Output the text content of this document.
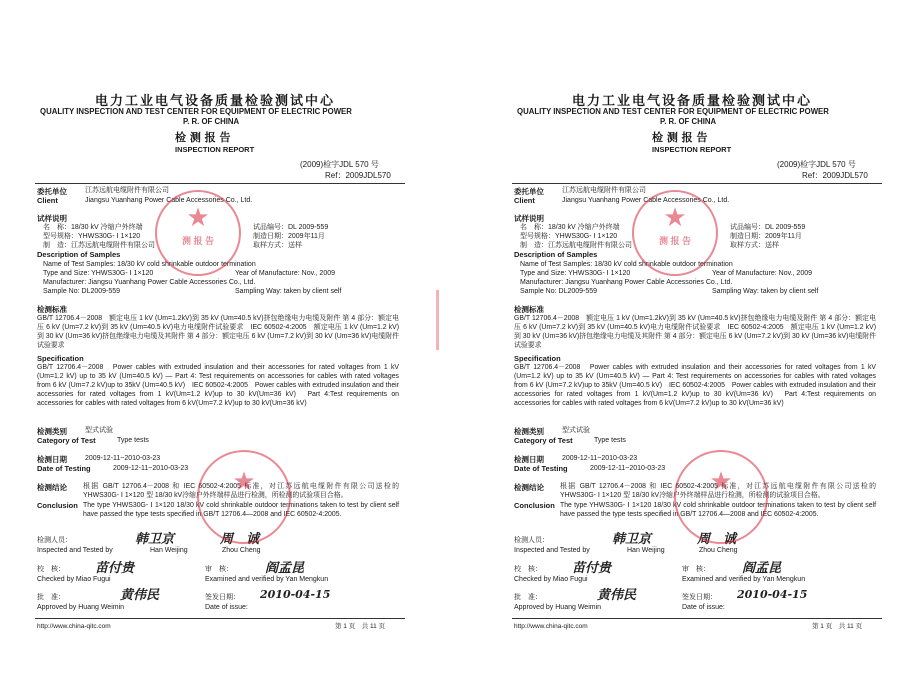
电力工业电气设备质量检验测试中心
QUALITY INSPECTION AND TEST CENTER FOR EQUIPMENT OF ELECTRIC POWER
P. R. OF CHINA
检 测 报 告
INSPECTION REPORT
(2009)检字JDL 570 号
Ref：2009JDL570
委托单位	江苏远航电缆附件有限公司
Client	Jiangsu Yuanhang Power Cable Accessories Co., Ltd.
试样说明
名　称：18/30 kV 冷缩户外终端	试品编号：DL 2009-559
型号规格：YHWS30G- Ⅰ 1×120	制造日期：2009年11月
制　造：江苏远航电缆附件有限公司	取样方式：送样
Description of Samples
Name of Test Samples: 18/30 kV cold shrinkable outdoor termination
Type and Size: YHWS30G- Ⅰ 1×120	Year of Manufacture: Nov., 2009
Manufacturer: Jiangsu Yuanhang Power Cable Accessories Co., Ltd.
Sample No: DL2009-559	Sampling Way: taken by client self
检测标准
GB/T 12706.4－2008　额定电压 1 kV (Um=1.2kV)到 35 kV (Um=40.5 kV)挤包绝缘电力电缆及附件 第 4 部分：额定电压 6 kV (Um=7.2 kV)到 35 kV (Um=40.5 kV)电力电缆附件试验要求　IEC 60502-4:2005　额定电压 1 kV (Um=1.2 kV)到 30 kV (Um=36 kV)挤包绝缘电力电缆及其附件 第 4 部分：额定电压 6 kV (Um=7.2 kV)到 30 kV (Um=36 kV)电缆附件试验要求
Specification
GB/T 12706.4－2008　Power cables with extruded insulation and their accessories for rated voltages from 1 kV (Um=1.2 kV) up to 35 kV (Um=40.5 kV) — Part 4: Test requirements on accessories for cables with rated voltages from 6 kV (Um=7.2 kV)up to 35kV (Um=40.5 kV)　IEC 60502-4:2005　Power cables with extruded insulation and their accessories for rated voltages from 1 kV(Um=1.2 kV)up to 30 kV(Um=36 kV)　Part 4:Test requirements on accessories for cables with rated voltages from 6 kV(Um=7.2 kV)up to 30 kV(Um=36 kV)
检测类别	型式试验
Category of Test	Type tests
检测日期	2009-12-11~2010-03-23
Date of Testing	2009-12-11~2010-03-23
检测结论 根据 GB/T 12706.4－2008 和 IEC 60502-4:2005 标准，对江苏远航电缆附件有限公司送检的 YHWS30G- Ⅰ 1×120 型 18/30 kV冷缩户外终端样品进行检测，所检测的试验项目合格。
Conclusion The type YHWS30G- Ⅰ 1×120 18/30 kV cold shrinkable outdoor terminations taken to test by client self have passed the type tests specified in GB/T 12706.4—2008 and IEC 60502-4:2005.
检测人员：	韩卫京	周　诚
Inspected and Tested by	Han Weijing	Zhou Cheng
校　核： 苗付贵	审　核： 阎孟昆
Checked by Miao Fugui	Examined and verified by Yan Mengkun
批　准：	黄伟民	签发日期： 2010-04-15
Approved by Huang Weimin	Date of issue:
http://www.china-qitc.com	第 1 页　共 11 页
★
测 报 告
★
电力工业电气设备质量检验测试中心
QUALITY INSPECTION AND TEST CENTER FOR EQUIPMENT OF ELECTRIC POWER
P. R. OF CHINA
检 测 报 告
INSPECTION REPORT
(2009)检字JDL 570 号
Ref：2009JDL570
委托单位	江苏远航电缆附件有限公司
Client	Jiangsu Yuanhang Power Cable Accessories Co., Ltd.
试样说明
名　称：18/30 kV 冷缩户外终端	试品编号：DL 2009-559
型号规格：YHWS30G- Ⅰ 1×120	制造日期：2009年11月
制　造：江苏远航电缆附件有限公司	取样方式：送样
Description of Samples
Name of Test Samples: 18/30 kV cold shrinkable outdoor termination
Type and Size: YHWS30G- Ⅰ 1×120	Year of Manufacture: Nov., 2009
Manufacturer: Jiangsu Yuanhang Power Cable Accessories Co., Ltd.
Sample No: DL2009-559	Sampling Way: taken by client self
检测标准
GB/T 12706.4－2008　额定电压 1 kV (Um=1.2kV)到 35 kV (Um=40.5 kV)挤包绝缘电力电缆及附件 第 4 部分：额定电压 6 kV (Um=7.2 kV)到 35 kV (Um=40.5 kV)电力电缆附件试验要求　IEC 60502-4:2005　额定电压 1 kV (Um=1.2 kV)到 30 kV (Um=36 kV)挤包绝缘电力电缆及其附件 第 4 部分：额定电压 6 kV (Um=7.2 kV)到 30 kV (Um=36 kV)电缆附件试验要求
Specification
GB/T 12706.4－2008　Power cables with extruded insulation and their accessories for rated voltages from 1 kV (Um=1.2 kV) up to 35 kV (Um=40.5 kV) — Part 4: Test requirements on accessories for cables with rated voltages from 6 kV (Um=7.2 kV)up to 35kV (Um=40.5 kV)　IEC 60502-4:2005　Power cables with extruded insulation and their accessories for rated voltages from 1 kV(Um=1.2 kV)up to 30 kV(Um=36 kV)　Part 4:Test requirements on accessories for cables with rated voltages from 6 kV(Um=7.2 kV)up to 30 kV(Um=36 kV)
检测类别	型式试验
Category of Test	Type tests
检测日期	2009-12-11~2010-03-23
Date of Testing	2009-12-11~2010-03-23
检测结论 根据 GB/T 12706.4－2008 和 IEC 60502-4:2005 标准，对江苏远航电缆附件有限公司送检的 YHWS30G- Ⅰ 1×120 型 18/30 kV冷缩户外终端样品进行检测，所检测的试验项目合格。
Conclusion The type YHWS30G- Ⅰ 1×120 18/30 kV cold shrinkable outdoor terminations taken to test by client self have passed the type tests specified in GB/T 12706.4—2008 and IEC 60502-4:2005.
检测人员：	韩卫京	周　诚
Inspected and Tested by	Han Weijing	Zhou Cheng
校　核： 苗付贵	审　核： 阎孟昆
Checked by Miao Fugui	Examined and verified by Yan Mengkun
批　准：	黄伟民	签发日期： 2010-04-15
Approved by Huang Weimin	Date of issue:
http://www.china-qitc.com	第 1 页　共 11 页
★
测 报 告
★
